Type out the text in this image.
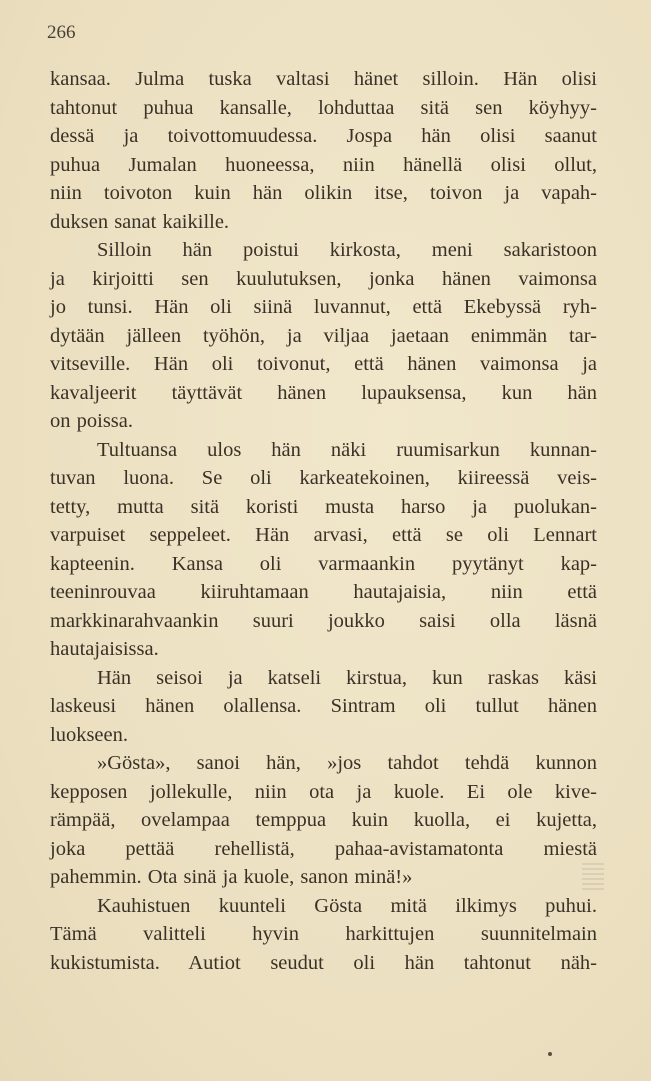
266
kansaa. Julma tuska valtasi hänet silloin. Hän olisi
tahtonut puhua kansalle, lohduttaa sitä sen köyhyy-
dessä ja toivottomuudessa. Jospa hän olisi saanut
puhua Jumalan huoneessa, niin hänellä olisi ollut,
niin toivoton kuin hän olikin itse, toivon ja vapah-
duksen sanat kaikille.
Silloin hän poistui kirkosta, meni sakaristoon
ja kirjoitti sen kuulutuksen, jonka hänen vaimonsa
jo tunsi. Hän oli siinä luvannut, että Ekebyssä ryh-
dytään jälleen työhön, ja viljaa jaetaan enimmän tar-
vitseville. Hän oli toivonut, että hänen vaimonsa ja
kavaljeerit täyttävät hänen lupauksensa, kun hän
on poissa.
Tultuansa ulos hän näki ruumisarkun kunnan-
tuvan luona. Se oli karkeatekoinen, kiireessä veis-
tetty, mutta sitä koristi musta harso ja puolukan-
varpuiset seppeleet. Hän arvasi, että se oli Lennart
kapteenin. Kansa oli varmaankin pyytänyt kap-
teeninrouvaa kiiruhtamaan hautajaisia, niin että
markkinarahvaankin suuri joukko saisi olla läsnä
hautajaisissa.
Hän seisoi ja katseli kirstua, kun raskas käsi
laskeusi hänen olallensa. Sintram oli tullut hänen
luokseen.
»Gösta», sanoi hän, »jos tahdot tehdä kunnon
kepposen jollekulle, niin ota ja kuole. Ei ole kive-
rämpää, ovelampaa temppua kuin kuolla, ei kujetta,
joka pettää rehellistä, pahaa-avistamatonta miestä
pahemmin. Ota sinä ja kuole, sanon minä!»
Kauhistuen kuunteli Gösta mitä ilkimys puhui.
Tämä valitteli hyvin harkittujen suunnitelmain
kukistumista. Autiot seudut oli hän tahtonut näh-
